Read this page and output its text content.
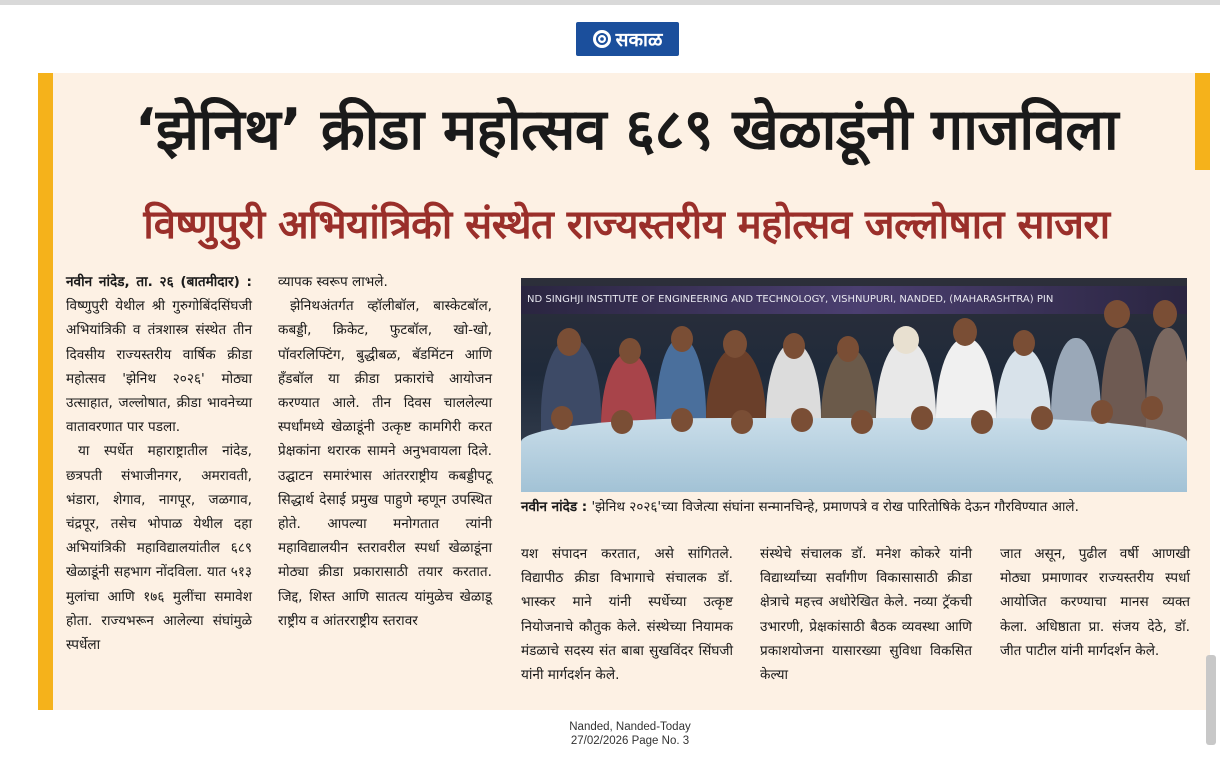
सकाळ
‘झेनिथ’ क्रीडा महोत्सव ६८९ खेळाडूंनी गाजविला
विष्णुपुरी अभियांत्रिकी संस्थेत राज्यस्तरीय महोत्सव जल्लोषात साजरा

नवीन नांदेड, ता. २६ (बातमीदार) : विष्णुपुरी येथील श्री गुरुगोबिंदसिंघजी अभियांत्रिकी व तंत्रशास्त्र संस्थेत तीन दिवसीय राज्यस्तरीय वार्षिक क्रीडा महोत्सव 'झेनिथ २०२६' मोठ्या उत्साहात, जल्लोषात, क्रीडा भावनेच्या वातावरणात पार पडला.

या स्पर्धेत महाराष्ट्रातील नांदेड, छत्रपती संभाजीनगर, अमरावती, भंडारा, शेगाव, नागपूर, जळगाव, चंद्रपूर, तसेच भोपाळ येथील दहा अभियांत्रिकी महाविद्यालयांतील ६८९ खेळाडूंनी सहभाग नोंदविला. यात ५१३ मुलांचा आणि १७६ मुलींचा समावेश होता. राज्यभरून आलेल्या संघांमुळे स्पर्धेला

व्यापक स्वरूप लाभले.

झेनिथअंतर्गत व्हॉलीबॉल, बास्केटबॉल, कबड्डी, क्रिकेट, फुटबॉल, खो-खो, पॉवरलिफ्टिंग, बुद्धीबळ, बॅडमिंटन आणि हँडबॉल या क्रीडा प्रकारांचे आयोजन करण्यात आले. तीन दिवस चाललेल्या स्पर्धांमध्ये खेळाडूंनी उत्कृष्ट कामगिरी करत प्रेक्षकांना थरारक सामने अनुभवायला दिले. उद्घाटन समारंभास आंतरराष्ट्रीय कबड्डीपटू सिद्धार्थ देसाई प्रमुख पाहुणे म्हणून उपस्थित होते. आपल्या मनोगतात त्यांनी महाविद्यालयीन स्तरावरील स्पर्धा खेळाडूंना मोठ्या क्रीडा प्रकारासाठी तयार करतात. जिद्द, शिस्त आणि सातत्य यांमुळेच खेळाडू राष्ट्रीय व आंतरराष्ट्रीय स्तरावर

ND SINGHJI INSTITUTE OF ENGINEERING AND TECHNOLOGY, VISHNUPURI, NANDED, (MAHARASHTRA) PIN
नवीन नांदेड : 'झेनिथ २०२६'च्या विजेत्या संघांना सन्मानचिन्हे, प्रमाणपत्रे व रोख पारितोषिके देऊन गौरविण्यात आले.

यश संपादन करतात, असे सांगितले. विद्यापीठ क्रीडा विभागाचे संचालक डॉ. भास्कर माने यांनी स्पर्धेच्या उत्कृष्ट नियोजनाचे कौतुक केले. संस्थेच्या नियामक मंडळाचे सदस्य संत बाबा सुखविंदर सिंघजी यांनी मार्गदर्शन केले.

संस्थेचे संचालक डॉ. मनेश कोकरे यांनी विद्यार्थ्यांच्या सर्वांगीण विकासासाठी क्रीडा क्षेत्राचे महत्त्व अधोरेखित केले. नव्या ट्रॅकची उभारणी, प्रेक्षकांसाठी बैठक व्यवस्था आणि प्रकाशयोजना यासारख्या सुविधा विकसित केल्या

जात असून, पुढील वर्षी आणखी मोठ्या प्रमाणावर राज्यस्तरीय स्पर्धा आयोजित करण्याचा मानस व्यक्त केला. अधिष्ठाता प्रा. संजय देठे, डॉ. जीत पाटील यांनी मार्गदर्शन केले.

Nanded, Nanded-Today
27/02/2026 Page No. 3
